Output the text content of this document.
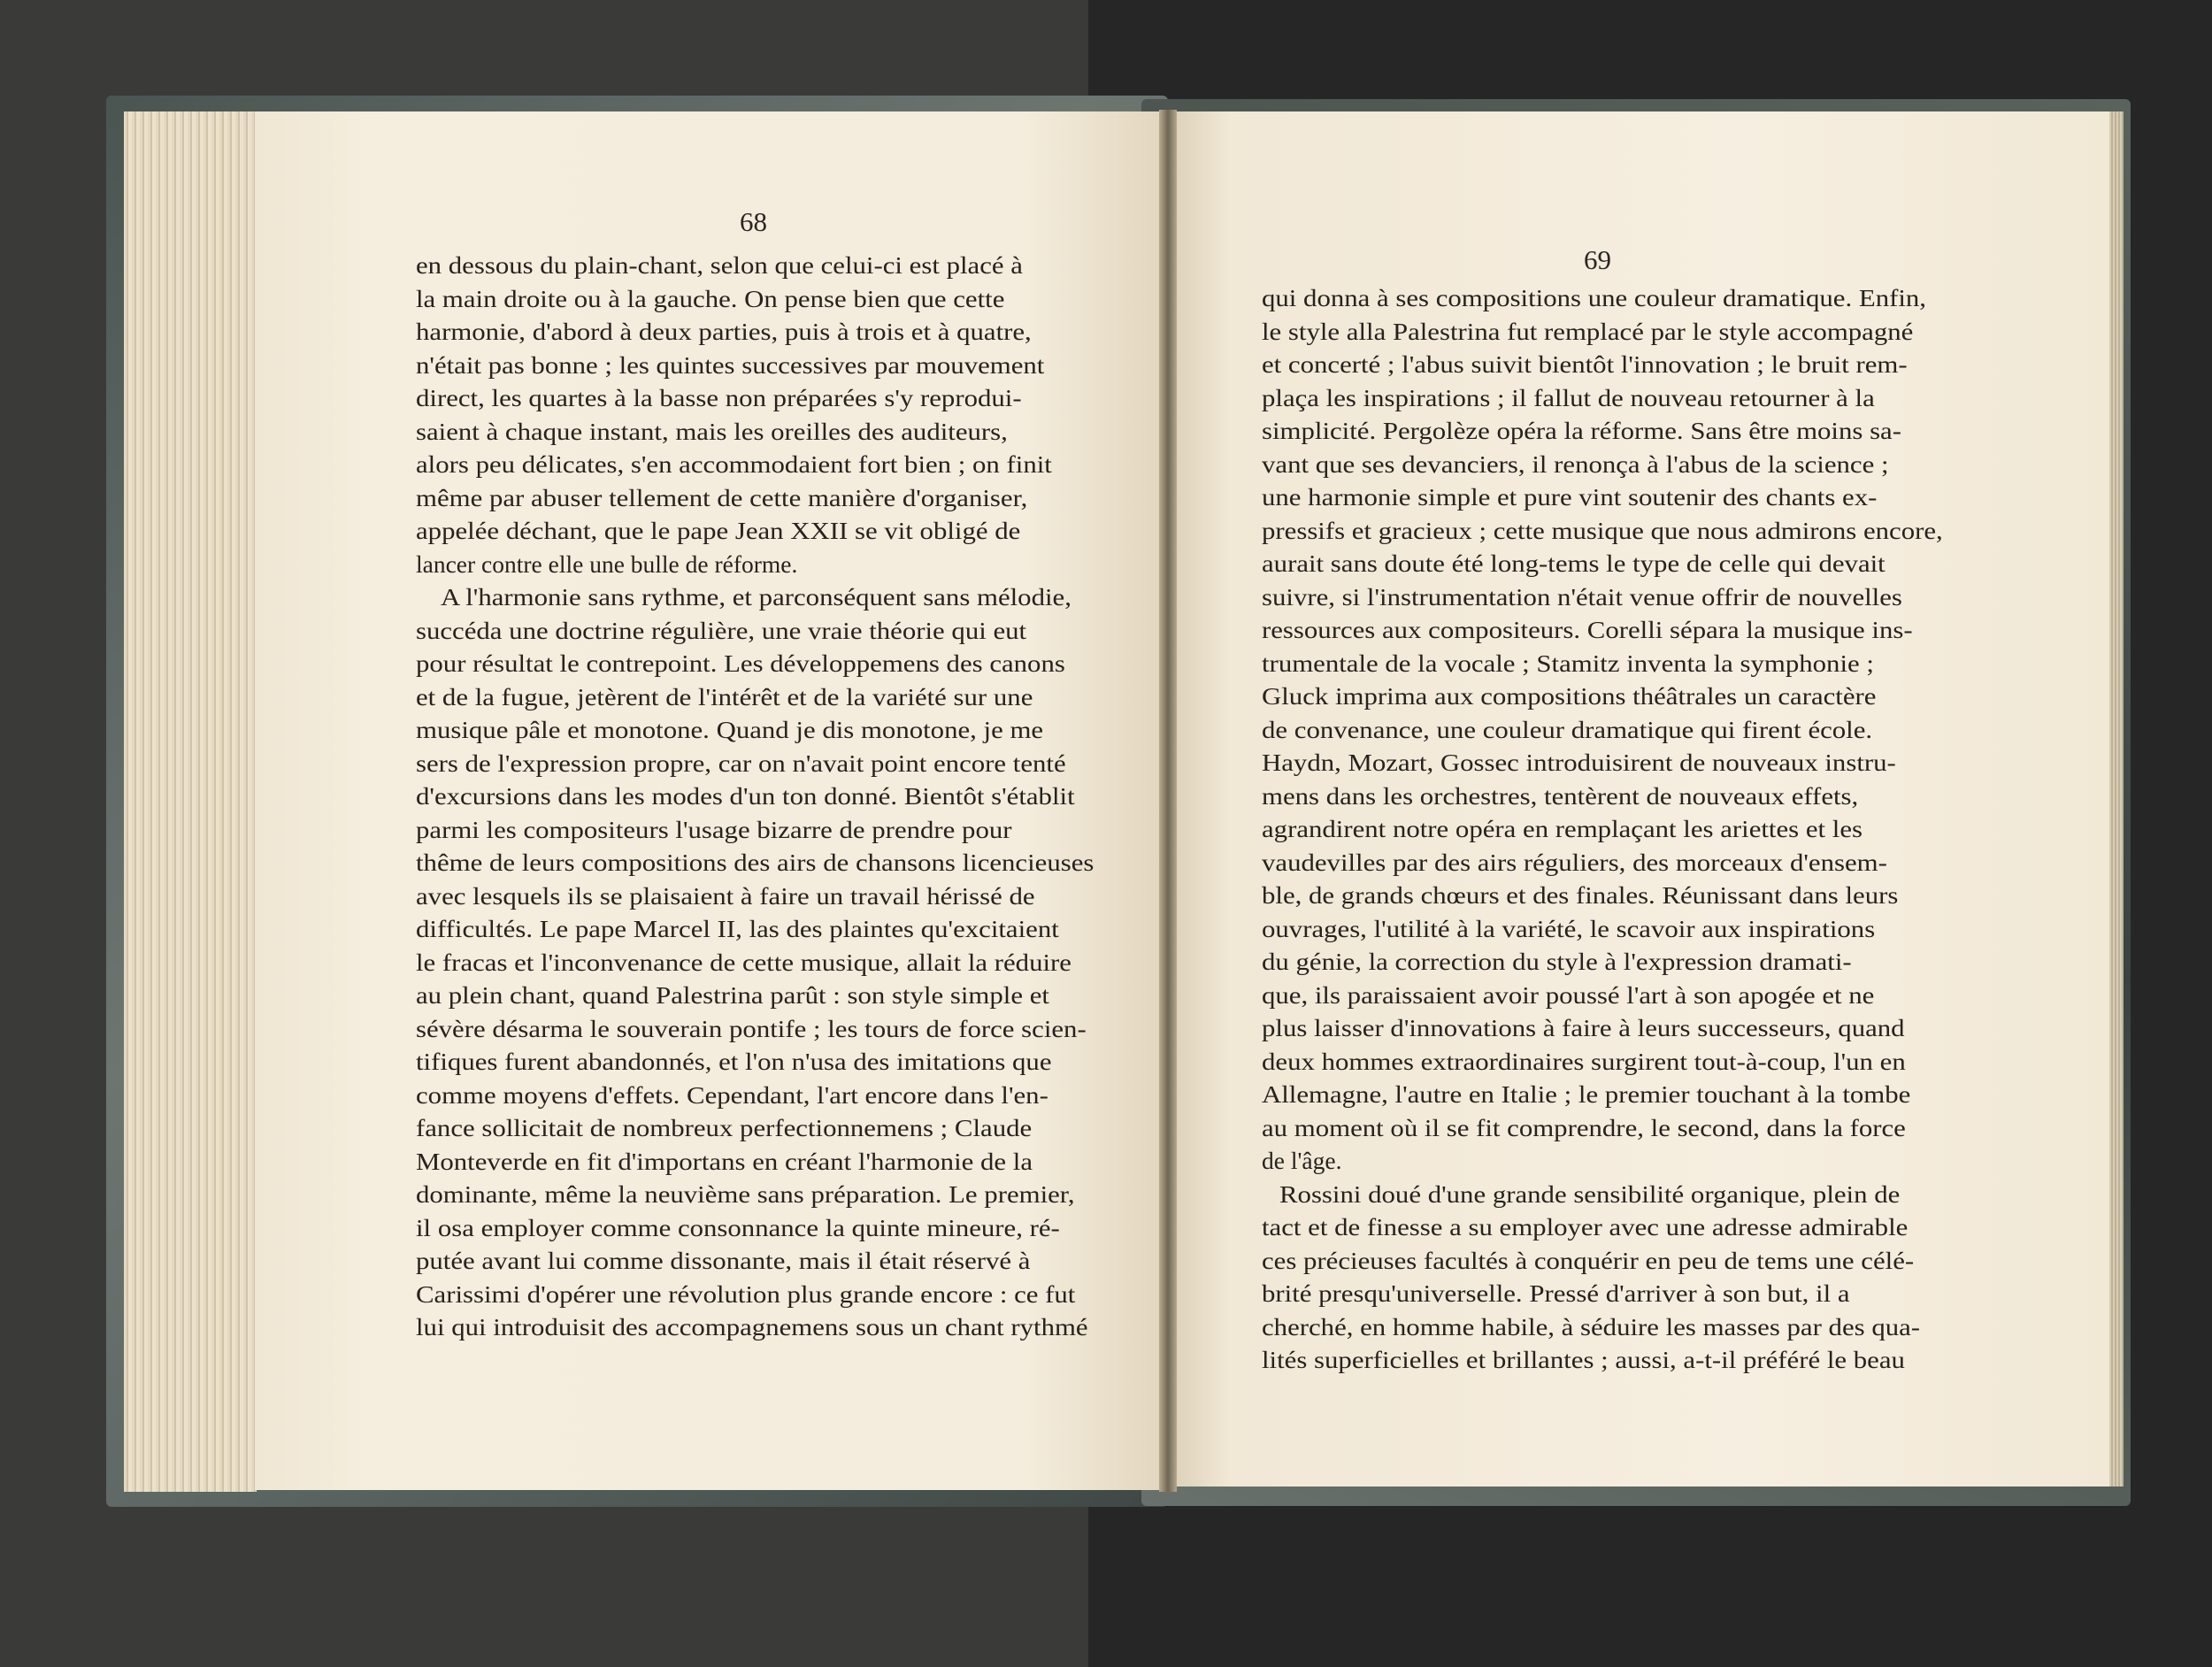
68
69

en dessous du plain-chant, selon que celui-ci est placé à

la main droite ou à la gauche. On pense bien que cette

harmonie, d'abord à deux parties, puis à trois et à quatre,

n'était pas bonne ; les quintes successives par mouvement

direct, les quartes à la basse non préparées s'y reprodui-

saient à chaque instant, mais les oreilles des auditeurs,

alors peu délicates, s'en accommodaient fort bien ; on finit

même par abuser tellement de cette manière d'organiser,

appelée déchant, que le pape Jean XXII se vit obligé de

lancer contre elle une bulle de réforme.

A l'harmonie sans rythme, et parconséquent sans mélodie,

succéda une doctrine régulière, une vraie théorie qui eut

pour résultat le contrepoint. Les développemens des canons

et de la fugue, jetèrent de l'intérêt et de la variété sur une

musique pâle et monotone. Quand je dis monotone, je me

sers de l'expression propre, car on n'avait point encore tenté

d'excursions dans les modes d'un ton donné. Bientôt s'établit

parmi les compositeurs l'usage bizarre de prendre pour

thême de leurs compositions des airs de chansons licencieuses

avec lesquels ils se plaisaient à faire un travail hérissé de

difficultés. Le pape Marcel II, las des plaintes qu'excitaient

le fracas et l'inconvenance de cette musique, allait la réduire

au plein chant, quand Palestrina parût : son style simple et

sévère désarma le souverain pontife ; les tours de force scien-

tifiques furent abandonnés, et l'on n'usa des imitations que

comme moyens d'effets. Cependant, l'art encore dans l'en-

fance sollicitait de nombreux perfectionnemens ; Claude

Monteverde en fit d'importans en créant l'harmonie de la

dominante, même la neuvième sans préparation. Le premier,

il osa employer comme consonnance la quinte mineure, ré-

putée avant lui comme dissonante, mais il était réservé à

Carissimi d'opérer une révolution plus grande encore : ce fut

lui qui introduisit des accompagnemens sous un chant rythmé

qui donna à ses compositions une couleur dramatique. Enfin,

le style alla Palestrina fut remplacé par le style accompagné

et concerté ; l'abus suivit bientôt l'innovation ; le bruit rem-

plaça les inspirations ; il fallut de nouveau retourner à la

simplicité. Pergolèze opéra la réforme. Sans être moins sa-

vant que ses devanciers, il renonça à l'abus de la science ;

une harmonie simple et pure vint soutenir des chants ex-

pressifs et gracieux ; cette musique que nous admirons encore,

aurait sans doute été long-tems le type de celle qui devait

suivre, si l'instrumentation n'était venue offrir de nouvelles

ressources aux compositeurs. Corelli sépara la musique ins-

trumentale de la vocale ; Stamitz inventa la symphonie ;

Gluck imprima aux compositions théâtrales un caractère

de convenance, une couleur dramatique qui firent école.

Haydn, Mozart, Gossec introduisirent de nouveaux instru-

mens dans les orchestres, tentèrent de nouveaux effets,

agrandirent notre opéra en remplaçant les ariettes et les

vaudevilles par des airs réguliers, des morceaux d'ensem-

ble, de grands chœurs et des finales. Réunissant dans leurs

ouvrages, l'utilité à la variété, le scavoir aux inspirations

du génie, la correction du style à l'expression dramati-

que, ils paraissaient avoir poussé l'art à son apogée et ne

plus laisser d'innovations à faire à leurs successeurs, quand

deux hommes extraordinaires surgirent tout-à-coup, l'un en

Allemagne, l'autre en Italie ; le premier touchant à la tombe

au moment où il se fit comprendre, le second, dans la force

de l'âge.

Rossini doué d'une grande sensibilité organique, plein de

tact et de finesse a su employer avec une adresse admirable

ces précieuses facultés à conquérir en peu de tems une célé-

brité presqu'universelle. Pressé d'arriver à son but, il a

cherché, en homme habile, à séduire les masses par des qua-

lités superficielles et brillantes ; aussi, a-t-il préféré le beau
